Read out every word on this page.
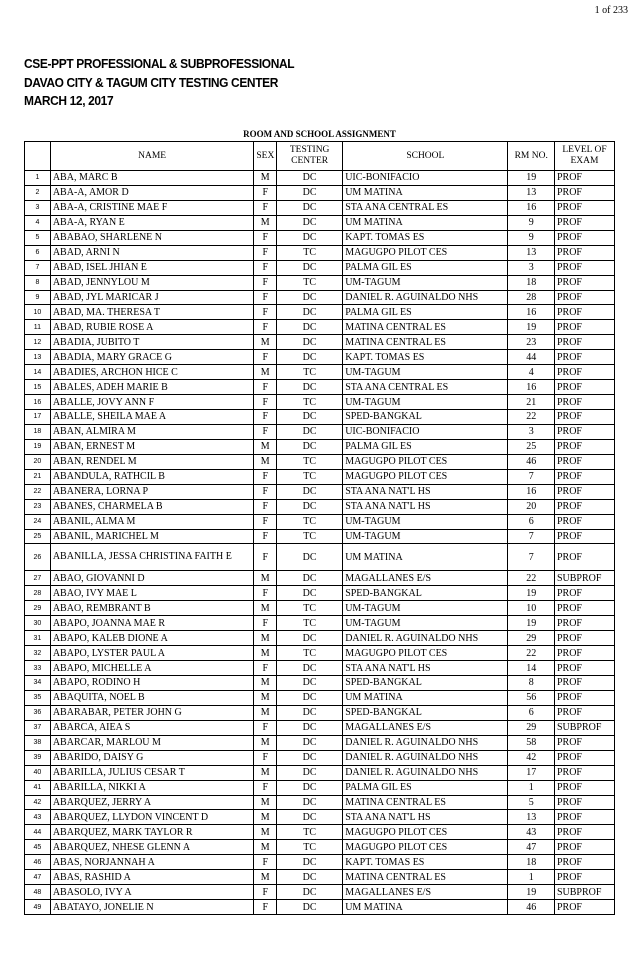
1 of 233
CSE-PPT PROFESSIONAL & SUBPROFESSIONAL
DAVAO CITY & TAGUM CITY TESTING CENTER
MARCH 12, 2017
ROOM AND SCHOOL ASSIGNMENT						
	NAME	SEX	TESTING CENTER	SCHOOL	RM NO.	LEVEL OF EXAM
1	ABA, MARC B	M	DC	UIC-BONIFACIO	19	PROF
2	ABA-A, AMOR D	F	DC	UM MATINA	13	PROF
3	ABA-A, CRISTINE MAE F	F	DC	STA ANA CENTRAL ES	16	PROF
4	ABA-A, RYAN E	M	DC	UM MATINA	9	PROF
5	ABABAO, SHARLENE N	F	DC	KAPT. TOMAS ES	9	PROF
6	ABAD, ARNI N	F	TC	MAGUGPO PILOT CES	13	PROF
7	ABAD, ISEL JHIAN E	F	DC	PALMA GIL ES	3	PROF
8	ABAD, JENNYLOU M	F	TC	UM-TAGUM	18	PROF
9	ABAD, JYL MARICAR J	F	DC	DANIEL R. AGUINALDO NHS	28	PROF
10	ABAD, MA. THERESA T	F	DC	PALMA GIL ES	16	PROF
11	ABAD, RUBIE ROSE A	F	DC	MATINA CENTRAL ES	19	PROF
12	ABADIA, JUBITO T	M	DC	MATINA CENTRAL ES	23	PROF
13	ABADIA, MARY GRACE G	F	DC	KAPT. TOMAS ES	44	PROF
14	ABADIES, ARCHON HICE C	M	TC	UM-TAGUM	4	PROF
15	ABALES, ADEH MARIE B	F	DC	STA ANA CENTRAL ES	16	PROF
16	ABALLE, JOVY ANN F	F	TC	UM-TAGUM	21	PROF
17	ABALLE, SHEILA MAE A	F	DC	SPED-BANGKAL	22	PROF
18	ABAN, ALMIRA M	F	DC	UIC-BONIFACIO	3	PROF
19	ABAN, ERNEST M	M	DC	PALMA GIL ES	25	PROF
20	ABAN, RENDEL M	M	TC	MAGUGPO PILOT CES	46	PROF
21	ABANDULA, RATHCIL B	F	TC	MAGUGPO PILOT CES	7	PROF
22	ABANERA, LORNA P	F	DC	STA ANA NAT'L HS	16	PROF
23	ABANES, CHARMELA B	F	DC	STA ANA NAT'L HS	20	PROF
24	ABANIL, ALMA M	F	TC	UM-TAGUM	6	PROF
25	ABANIL, MARICHEL M	F	TC	UM-TAGUM	7	PROF
26	ABANILLA, JESSA CHRISTINA FAITH E	F	DC	UM MATINA	7	PROF
27	ABAO, GIOVANNI D	M	DC	MAGALLANES E/S	22	SUBPROF
28	ABAO, IVY MAE L	F	DC	SPED-BANGKAL	19	PROF
29	ABAO, REMBRANT B	M	TC	UM-TAGUM	10	PROF
30	ABAPO, JOANNA MAE R	F	TC	UM-TAGUM	19	PROF
31	ABAPO, KALEB DIONE A	M	DC	DANIEL R. AGUINALDO NHS	29	PROF
32	ABAPO, LYSTER PAUL A	M	TC	MAGUGPO PILOT CES	22	PROF
33	ABAPO, MICHELLE A	F	DC	STA ANA NAT'L HS	14	PROF
34	ABAPO, RODINO H	M	DC	SPED-BANGKAL	8	PROF
35	ABAQUITA, NOEL B	M	DC	UM MATINA	56	PROF
36	ABARABAR, PETER JOHN G	M	DC	SPED-BANGKAL	6	PROF
37	ABARCA, AIEA S	F	DC	MAGALLANES E/S	29	SUBPROF
38	ABARCAR, MARLOU M	M	DC	DANIEL R. AGUINALDO NHS	58	PROF
39	ABARIDO, DAISY G	F	DC	DANIEL R. AGUINALDO NHS	42	PROF
40	ABARILLA, JULIUS CESAR T	M	DC	DANIEL R. AGUINALDO NHS	17	PROF
41	ABARILLA, NIKKI A	F	DC	PALMA GIL ES	1	PROF
42	ABARQUEZ, JERRY A	M	DC	MATINA CENTRAL ES	5	PROF
43	ABARQUEZ, LLYDON VINCENT D	M	DC	STA ANA NAT'L HS	13	PROF
44	ABARQUEZ, MARK TAYLOR R	M	TC	MAGUGPO PILOT CES	43	PROF
45	ABARQUEZ, NHESE GLENN A	M	TC	MAGUGPO PILOT CES	47	PROF
46	ABAS, NORJANNAH A	F	DC	KAPT. TOMAS ES	18	PROF
47	ABAS, RASHID A	M	DC	MATINA CENTRAL ES	1	PROF
48	ABASOLO, IVY A	F	DC	MAGALLANES E/S	19	SUBPROF
49	ABATAYO, JONELIE N	F	DC	UM MATINA	46	PROF
